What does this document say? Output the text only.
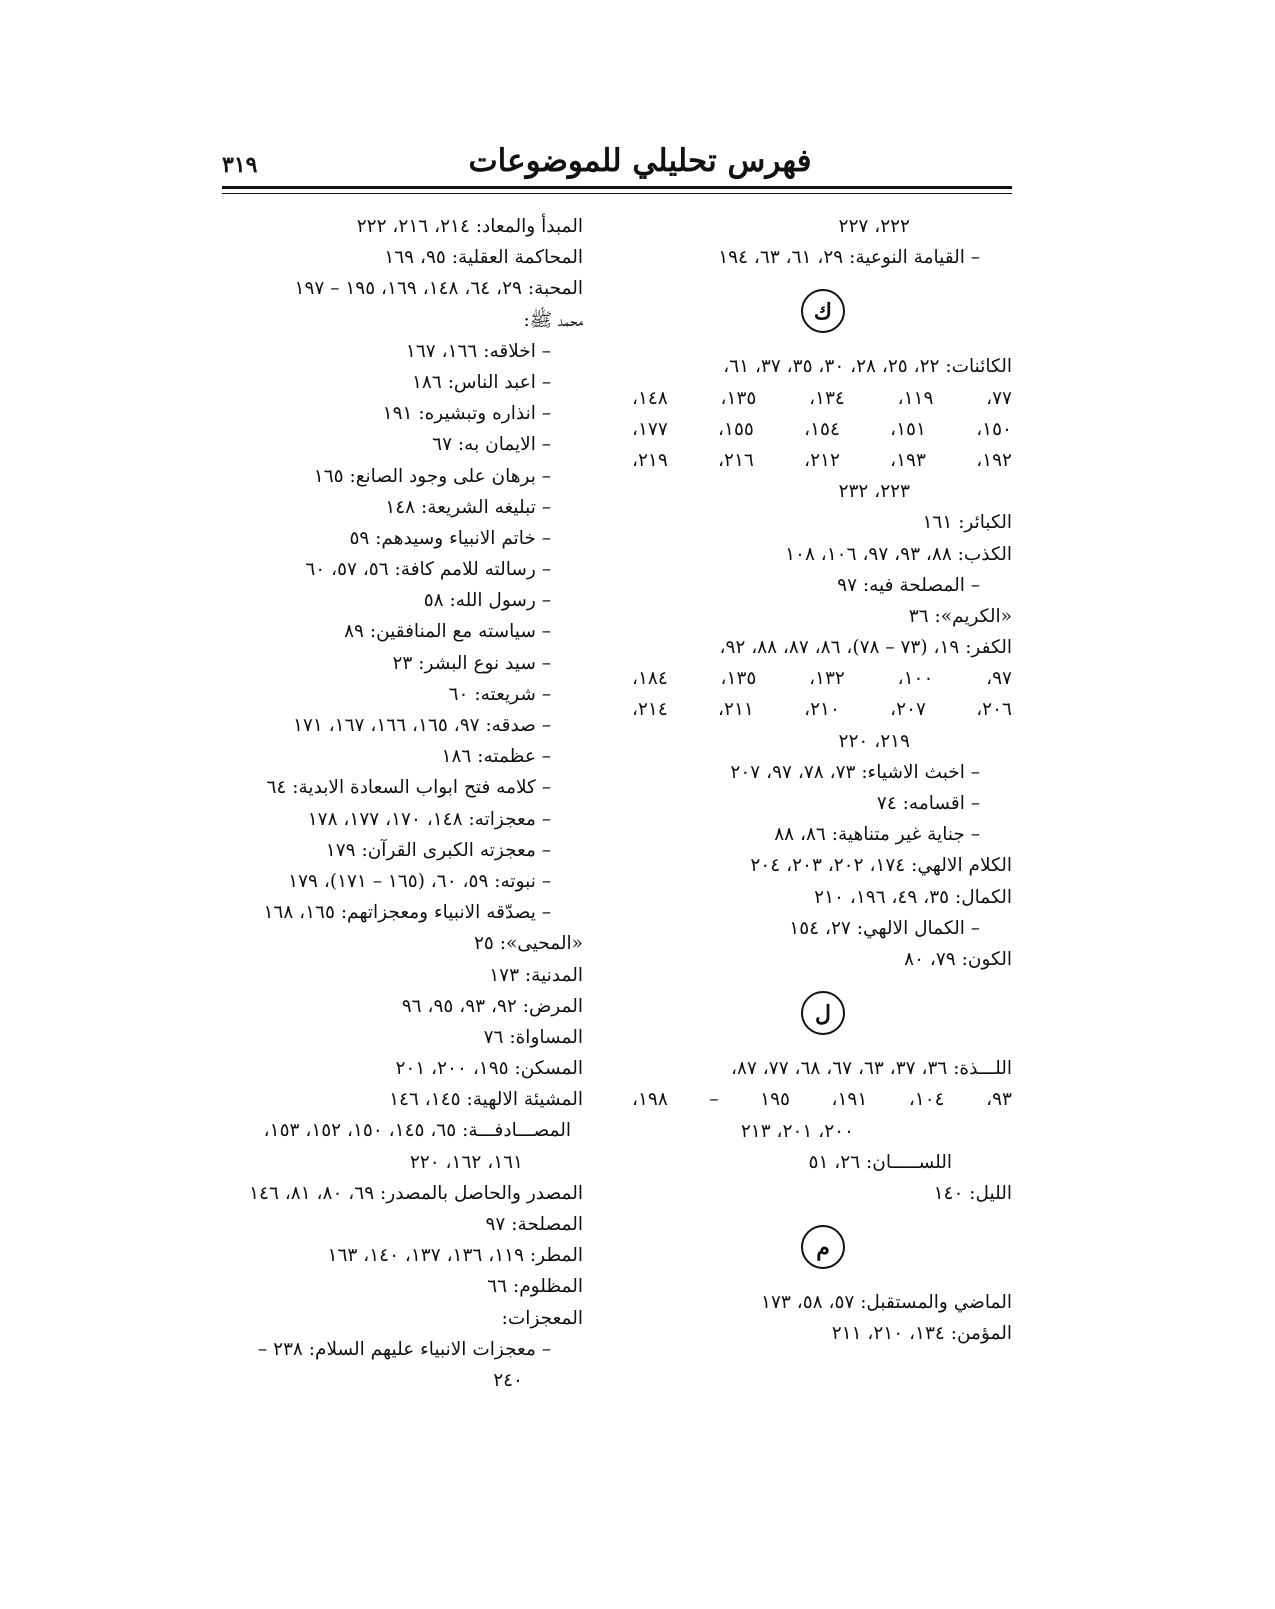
فهرس تحليلي للموضوعات
٣١٩
٢٢٢، ٢٢٧
– القيامة النوعية: ٢٩، ٦١، ٦٣، ١٩٤
ك
الكائنات: ٢٢، ٢٥، ٢٨، ٣٠، ٣٥، ٣٧، ٦١،
٧٧، ١١٩، ١٣٤، ١٣٥، ١٤٨،
١٥٠، ١٥١، ١٥٤، ١٥٥، ١٧٧،
١٩٢، ١٩٣، ٢١٢، ٢١٦، ٢١٩،
٢٢٣، ٢٣٢
الكبائر: ١٦١
الكذب: ٨٨، ٩٣، ٩٧، ١٠٦، ١٠٨
– المصلحة فيه: ٩٧
«الكريم»: ٣٦
الكفر: ١٩، (٧٣ – ٧٨)، ٨٦، ٨٧، ٨٨، ٩٢،
٩٧، ١٠٠، ١٣٢، ١٣٥، ١٨٤،
٢٠٦، ٢٠٧، ٢١٠، ٢١١، ٢١٤،
٢١٩، ٢٢٠
– اخبث الاشياء: ٧٣، ٧٨، ٩٧، ٢٠٧
– اقسامه: ٧٤
– جناية غير متناهية: ٨٦، ٨٨
الكلام الالهي: ١٧٤، ٢٠٢، ٢٠٣، ٢٠٤
الكمال: ٣٥، ٤٩، ١٩٦، ٢١٠
– الكمال الالهي: ٢٧، ١٥٤
الكون: ٧٩، ٨٠
ل
اللـــذة: ٣٦، ٣٧، ٦٣، ٦٧، ٦٨، ٧٧، ٨٧،
٩٣، ١٠٤، ١٩١، ١٩٥ – ١٩٨،
٢٠٠، ٢٠١، ٢١٣
اللســـــان: ٢٦، ٥١
الليل: ١٤٠
م
الماضي والمستقبل: ٥٧، ٥٨، ١٧٣
المؤمن: ١٣٤، ٢١٠، ٢١١
المبدأ والمعاد: ٢١٤، ٢١٦، ٢٢٢
المحاكمة العقلية: ٩٥، ١٦٩
المحبة: ٢٩، ٦٤، ١٤٨، ١٦٩، ١٩٥ – ١٩٧
محمد ﷺ:
– اخلاقه: ١٦٦، ١٦٧
– اعبد الناس: ١٨٦
– انذاره وتبشيره: ١٩١
– الايمان به: ٦٧
– برهان على وجود الصانع: ١٦٥
– تبليغه الشريعة: ١٤٨
– خاتم الانبياء وسيدهم: ٥٩
– رسالته للامم كافة: ٥٦، ٥٧، ٦٠
– رسول الله: ٥٨
– سياسته مع المنافقين: ٨٩
– سيد نوع البشر: ٢٣
– شريعته: ٦٠
– صدقه: ٩٧، ١٦٥، ١٦٦، ١٦٧، ١٧١
– عظمته: ١٨٦
– كلامه فتح ابواب السعادة الابدية: ٦٤
– معجزاته: ١٤٨، ١٧٠، ١٧٧، ١٧٨
– معجزته الكبرى القرآن: ١٧٩
– نبوته: ٥٩، ٦٠، (١٦٥ – ١٧١)، ١٧٩
– يصدّقه الانبياء ومعجزاتهم: ١٦٥، ١٦٨
«المحيى»: ٢٥
المدنية: ١٧٣
المرض: ٩٢، ٩٣، ٩٥، ٩٦
المساواة: ٧٦
المسكن: ١٩٥، ٢٠٠، ٢٠١
المشيئة الالهية: ١٤٥، ١٤٦
المصـــادفـــة: ٦٥، ١٤٥، ١٥٠، ١٥٢، ١٥٣،
١٦١، ١٦٢، ٢٢٠
المصدر والحاصل بالمصدر: ٦٩، ٨٠، ٨١، ١٤٦
المصلحة: ٩٧
المطر: ١١٩، ١٣٦، ١٣٧، ١٤٠، ١٦٣
المظلوم: ٦٦
المعجزات:
– معجزات الانبياء عليهم السلام: ٢٣٨ –
٢٤٠
